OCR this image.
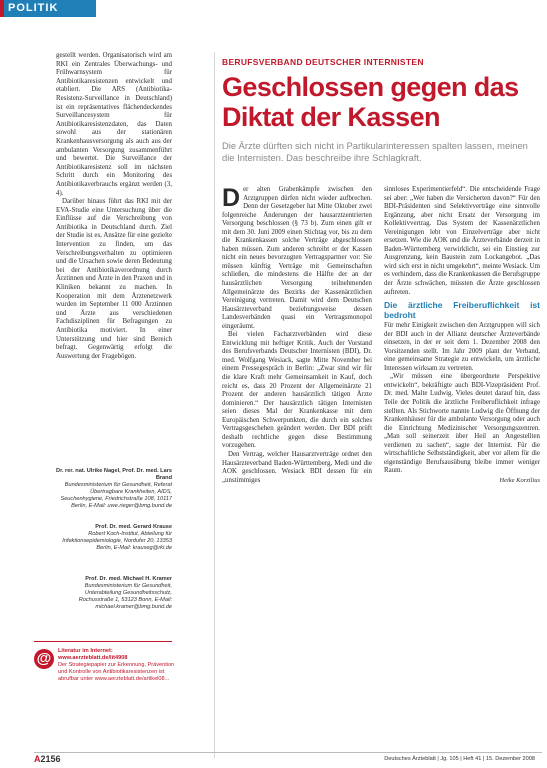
POLITIK

gestellt werden. Organisatorisch wird am RKI ein Zentrales Überwachungs- und Frühwarnsystem für Antibiotikaresistenzen entwickelt und etabliert. Die ARS (Antibiotika-Resistenz-Surveillance in Deutschland) ist ein repräsentatives flächendeckendes Surveillancesystem für Antibiotikaresistenzdaten, das Daten sowohl aus der stationären Krankenhausversorgung als auch aus der ambulanten Versorgung zusammenführt und bewertet. Die Surveillance der Antibiotikaresistenz soll im nächsten Schritt durch ein Monitoring des Antibiotikaverbrauchs ergänzt werden (3, 4).

Darüber hinaus führt das RKI mit der EVA-Studie eine Untersuchung über die Einflüsse auf die Verschreibung von Antibiotika in Deutschland durch. Ziel der Studie ist es, Ansätze für eine gezielte Intervention zu finden, um das Verschreibungsverhalten zu optimieren und die Ursachen sowie deren Bedeutung bei der Antibiotikaverordnung durch Ärztinnen und Ärzte in den Praxen und in Kliniken bekannt zu machen. In Kooperation mit dem Ärztenetzwerk wurden im September 11 000 Ärztinnen und Ärzte aus verschiedenen Fachdisziplinen für Befragungen zu Antibiotika motiviert. In einer Unterstützung und hier sind Bereich befragt. Gegenwärtig erfolgt die Auswertung der Fragebögen.

Dr. rer. nat. Ulrike Nagel, Prof. Dr. med. Lars Brand
Bundesministerium für Gesundheit, Referat Übertragbare Krankheiten, AIDS, Seuchenhygiene, Friedrichstraße 108, 10117 Berlin, E-Mail: uwe.rieger@bmg.bund.de
Prof. Dr. med. Gerard Krause
Robert Koch-Institut, Abteilung für Infektionsepidemiologie, Nordufer 20, 13353 Berlin, E-Mail: krauseg@rki.de
Prof. Dr. med. Michael H. Kramer
Bundesministerium für Gesundheit, Unterabteilung Gesundheitsschutz, Rochusstraße 1, 53123 Bonn, E-Mail: michael.kramer@bmg.bund.de
@	Literatur im Internet: www.aerzteblatt.de/lit4908
Der Strategiepapier zur Erkennung, Prävention und Kontrolle von Antibiotikaresistenzen ist abrufbar unter www.aerzteblatt.de/artikel08...
BERUFSVERBAND DEUTSCHER INTERNISTEN
Geschlossen gegen das Diktat der Kassen
Die Ärzte dürften sich nicht in Partikularinteressen spalten lassen, meinen die Internisten. Das beschreibe ihre Schlagkraft.

Der alten Grabenkämpfe zwischen den Arztgruppen dürfen nicht wieder aufbrechen. Denn der Gesetzgeber hat Mitte Oktober zwei folgenreiche Änderungen der hausarztzentrierten Versorgung beschlossen (§ 73 b). Zum einen gilt er mit dem 30. Juni 2009 einen Stichtag vor, bis zu dem die Krankenkassen solche Verträge abgeschlossen haben müssen. Zum anderen schreibt er der Kassen nicht ein neues bevorzugten Vertragspartner vor: Sie müssen künftig Verträge mit Gemeinschaften schließen, die mindestens die Hälfte der an der hausärztlichen Versorgung teilnehmenden Allgemeinärzte des Bezirks der Kassenärztlichen Vereinigung vertreten. Damit wird dem Deutschen Hausärzteverband beziehungsweise dessen Landesverbänden quasi ein Vertragsmonopol eingeräumt.

Bei vielen Facharztverbänden wird diese Entwicklung mit heftiger Kritik. Auch der Vorstand des Berufsverbands Deutscher Internisten (BDI), Dr. med. Wolfgang Wesiack, sagte Mitte November bei einem Pressegespräch in Berlin: „Zwar sind wir für die klare Kraft mehr Gemeinsamkeit in Kauf, doch reicht es, dass 20 Prozent der Allgemeinärzte 21 Prozent der anderen hausärztlich tätigen Ärzte dominieren.“ Der hausärztlich tätigen Internisten seien dieses Mal der Krankenkasse mit dem Europäischen Schwerpunkten, die durch ein solches Vertragsgeschehen geändert werden. Der BDI prüft deshalb rechtliche gegen diese Bestimmung vorzugehen.

Den Vertrag, welcher Hausarztverträge ordnet den Hausärzteverband Baden-Württemberg, Medi und die AOK geschlossen. Wesiack BDI dessen für ein „unstimmiges

sinnloses Experimentierfeld“. Die entscheidende Frage sei aber: „Wer haben die Versicherten davon?“ Für den BDI-Präsidenten sind Selektivverträge eine sinnvolle Ergänzung, aber nicht Ersatz der Versorgung im Kollektivvertrag. Das System der Kassenärztlichen Vereinigungen lebt von Einzelverträge aber nicht ersetzen. Wie die AOK und die Ärzteverbände derzeit in Baden-Württemberg verwirklicht, sei ein Einstieg zur Ausgrenzung, kein Baustein zum Lockangebot. „Das wird sich erst in nicht umgekehrt“, meinte Wesiack. Um es verhindern, dass die Krankenkassen die Berufsgruppe der Ärzte schwächen, müssten die Ärzte geschlossen auftreten.

Die ärztliche Freiberuflichkeit ist bedroht

Für mehr Einigkeit zwischen den Arztgruppen will sich der BDI auch in der Allianz deutscher Ärzteverbände einsetzen, in der er seit dem 1. Dezember 2008 den Vorsitzenden stellt. Im Jahr 2009 plant der Verband, eine gemeinsame Strategie zu entwickeln, um ärztliche Interessen wirksam zu vertreten.

„Wir müssen eine übergeordnete Perspektive entwickeln“, bekräftigte auch BDI-Vizepräsident Prof. Dr. med. Malte Ludwig. Vieles deutet darauf hin, dass Teile der Politik die ärztliche Freiberuflichkeit infrage stellten. Als Stichworte nannte Ludwig die Öffnung der Krankenhäuser für die ambulante Versorgung oder auch die Einrichtung Medizinischer Versorgungszentren. „Man soll seinerzeit über Heil an Angestellten verdienen zu sachen“, sagte der Internist. Für die wirtschaftliche Selbstständigkeit, aber vor allem für die eigenständige Berufsausübung bleibe immer weniger Raum.

Heike Korzilius
A2156	Deutsches Ärzteblatt | Jg. 105 | Heft 41 | 15. Dezember 2008
